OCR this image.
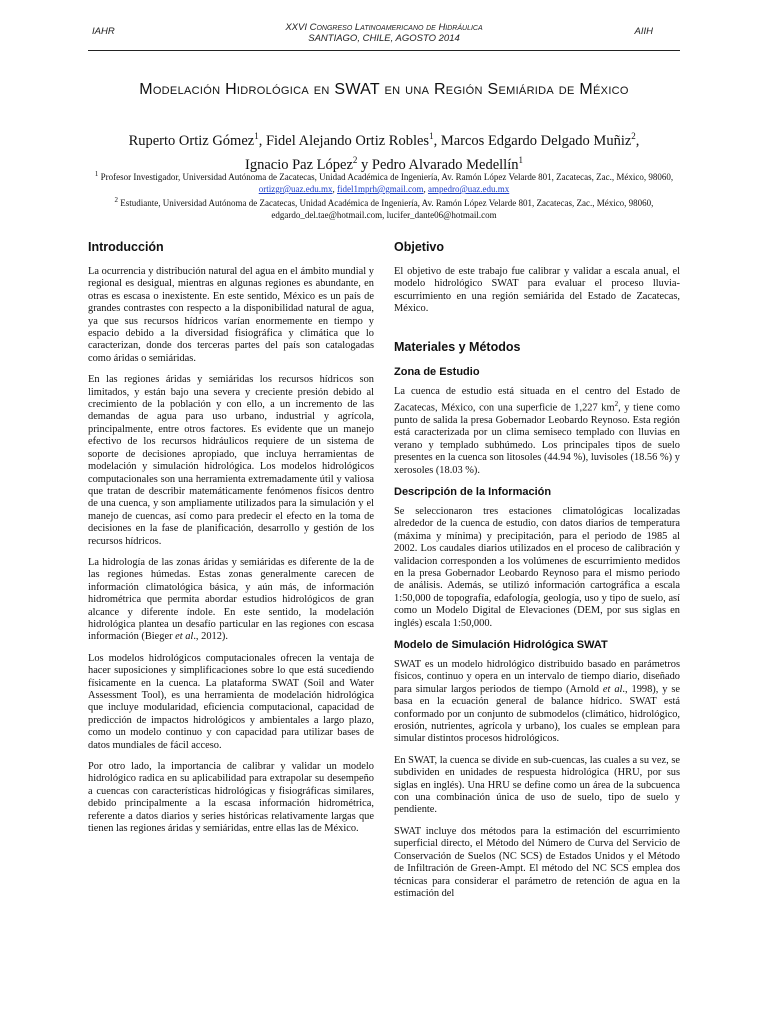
IAHR	XXVI Congreso Latinoamericano de Hidráulica
SANTIAGO, CHILE, AGOSTO 2014
AIIH
Modelación Hidrológica en SWAT en una Región Semiárida de México
Ruperto Ortiz Gómez$^1$, Fidel Alejando Ortiz Robles$^1$, Marcos Edgardo Delgado Muñiz$^2$,
Ignacio Paz López$^2$ y Pedro Alvarado Medellín$^1$
$^1$ Profesor Investigador, Universidad Autónoma de Zacatecas, Unidad Académica de Ingeniería, Av. Ramón López Velarde 801, Zacatecas, Zac., México, 98060, ortizgr@uaz.edu.mx, fidel1mprh@gmail.com, ampedro@uaz.edu.mx
$^2$ Estudiante, Universidad Autónoma de Zacatecas, Unidad Académica de Ingeniería, Av. Ramón López Velarde 801, Zacatecas, Zac., México, 98060, edgardo_del.tae@hotmail.com, lucifer_dante06@hotmail.com
Introducción

La ocurrencia y distribución natural del agua en el ámbito mundial y regional es desigual, mientras en algunas regiones es abundante, en otras es escasa o inexistente. En este sentido, México es un país de grandes contrastes con respecto a la disponibilidad natural de agua, ya que sus recursos hídricos varían enormemente en tiempo y espacio debido a la diversidad fisiográfica y climática que lo caracterizan, donde dos terceras partes del país son catalogadas como áridas o semiáridas.

En las regiones áridas y semiáridas los recursos hídricos son limitados, y están bajo una severa y creciente presión debido al crecimiento de la población y con ello, a un incremento de las demandas de agua para uso urbano, industrial y agrícola, principalmente, entre otros factores. Es evidente que un manejo efectivo de los recursos hidráulicos requiere de un sistema de soporte de decisiones apropiado, que incluya herramientas de modelación y simulación hidrológica. Los modelos hidrológicos computacionales son una herramienta extremadamente útil y valiosa que tratan de describir matemáticamente fenómenos físicos dentro de una cuenca, y son ampliamente utilizados para la simulación y el manejo de cuencas, así como para predecir el efecto en la toma de decisiones en la fase de planificación, desarrollo y gestión de los recursos hídricos.

La hidrología de las zonas áridas y semiáridas es diferente de la de las regiones húmedas. Estas zonas generalmente carecen de información climatológica básica, y aún más, de información hidrométrica que permita abordar estudios hidrológicos de gran alcance y diferente índole. En este sentido, la modelación hidrológica plantea un desafío particular en las regiones con escasa información (Bieger et al., 2012).

Los modelos hidrológicos computacionales ofrecen la ventaja de hacer suposiciones y simplificaciones sobre lo que está sucediendo físicamente en la cuenca. La plataforma SWAT (Soil and Water Assessment Tool), es una herramienta de modelación hidrológica que incluye modularidad, eficiencia computacional, capacidad de predicción de impactos hidrológicos y ambientales a largo plazo, como un modelo continuo y con capacidad para utilizar bases de datos mundiales de fácil acceso.

Por otro lado, la importancia de calibrar y validar un modelo hidrológico radica en su aplicabilidad para extrapolar su desempeño a cuencas con características hidrológicas y fisiográficas similares, debido principalmente a la escasa información hidrométrica, referente a datos diarios y series históricas relativamente largas que tienen las regiones áridas y semiáridas, entre ellas las de México.

Objetivo

El objetivo de este trabajo fue calibrar y validar a escala anual, el modelo hidrológico SWAT para evaluar el proceso lluvia-escurrimiento en una región semiárida del Estado de Zacatecas, México.

Materiales y Métodos
Zona de Estudio

La cuenca de estudio está situada en el centro del Estado de Zacatecas, México, con una superficie de 1,227 $km^2$, y tiene como punto de salida la presa Gobernador Leobardo Reynoso. Esta región está caracterizada por un clima semiseco templado con lluvias en verano y templado subhúmedo. Los principales tipos de suelo presentes en la cuenca son litosoles (44.94 %), luvisoles (18.56 %) y xerosoles (18.03 %).

Descripción de la Información

Se seleccionaron tres estaciones climatológicas localizadas alrededor de la cuenca de estudio, con datos diarios de temperatura (máxima y mínima) y precipitación, para el periodo de 1985 al 2002. Los caudales diarios utilizados en el proceso de calibración y validacion corresponden a los volúmenes de escurrimiento medidos en la presa Gobernador Leobardo Reynoso para el mismo periodo de análisis. Además, se utilizó información cartográfica a escala 1:50,000 de topografía, edafología, geología, uso y tipo de suelo, así como un Modelo Digital de Elevaciones (DEM, por sus siglas en inglés) escala 1:50,000.

Modelo de Simulación Hidrológica SWAT

SWAT es un modelo hidrológico distribuido basado en parámetros físicos, continuo y opera en un intervalo de tiempo diario, diseñado para simular largos periodos de tiempo (Arnold et al., 1998), y se basa en la ecuación general de balance hídrico. SWAT está conformado por un conjunto de submodelos (climático, hidrológico, erosión, nutrientes, agrícola y urbano), los cuales se emplean para simular distintos procesos hidrológicos.

En SWAT, la cuenca se divide en sub-cuencas, las cuales a su vez, se subdividen en unidades de respuesta hidrológica (HRU, por sus siglas en inglés). Una HRU se define como un área de la subcuenca con una combinación única de uso de suelo, tipo de suelo y pendiente.

SWAT incluye dos métodos para la estimación del escurrimiento superficial directo, el Método del Número de Curva del Servicio de Conservación de Suelos (NC SCS) de Estados Unidos y el Método de Infiltración de Green-Ampt. El método del NC SCS emplea dos técnicas para considerar el parámetro de retención de agua en la estimación del
